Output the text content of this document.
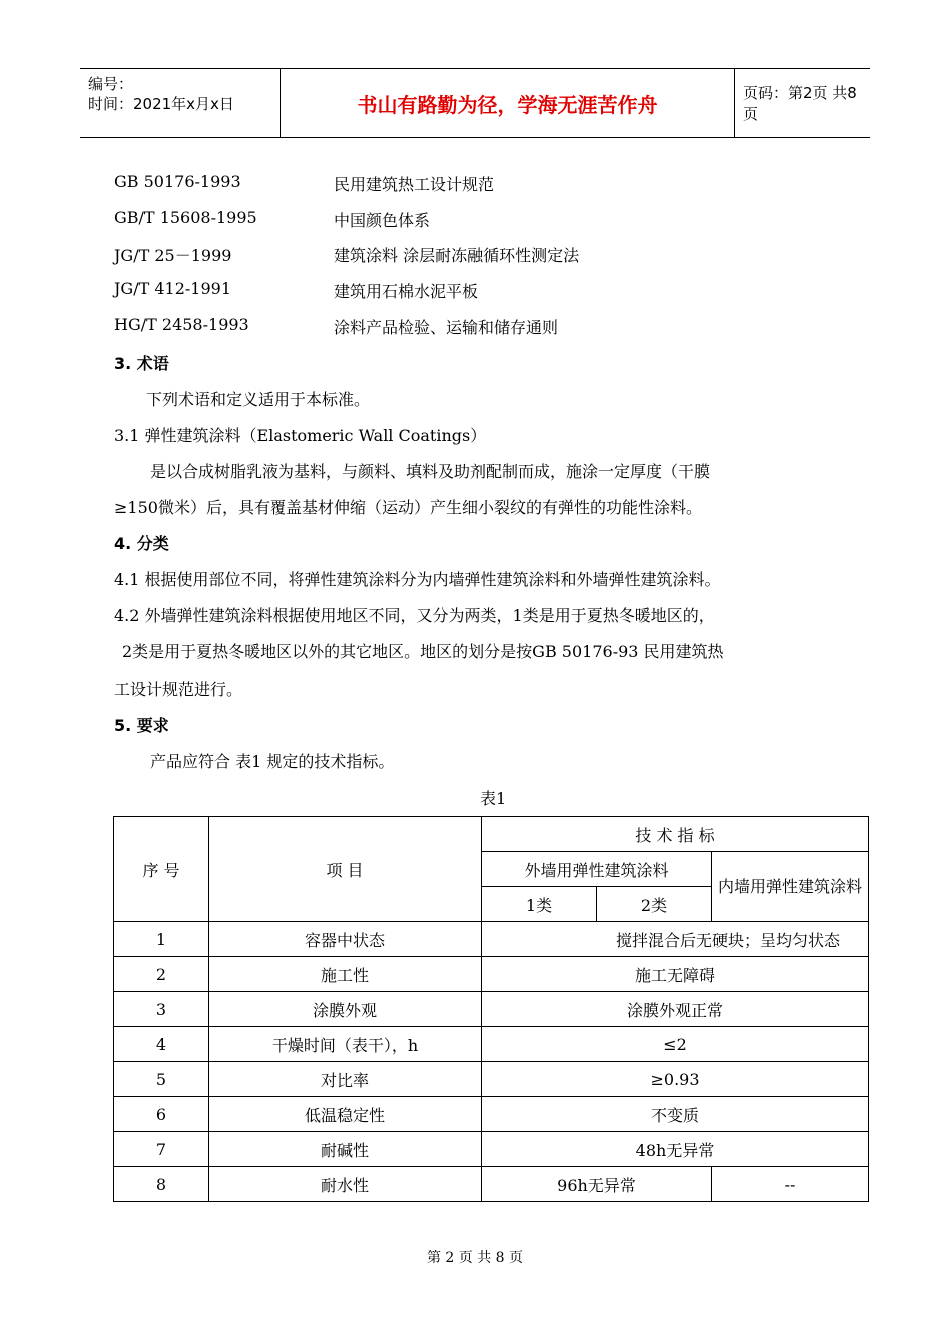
编号：
时间：2021年x月x日	书山有路勤为径，学海无涯苦作舟	页码：第2页 共8页
GB 50176-1993	民用建筑热工设计规范
GB/T 15608-1995	中国颜色体系
JG/T 25－1999	建筑涂料 涂层耐冻融循环性测定法
JG/T 412-1991	建筑用石棉水泥平板
HG/T 2458-1993	涂料产品检验、运输和储存通则
3. 术语
下列术语和定义适用于本标准。
3.1 弹性建筑涂料（Elastomeric Wall Coatings）
是以合成树脂乳液为基料，与颜料、填料及助剂配制而成，施涂一定厚度（干膜
≥150微米）后，具有覆盖基材伸缩（运动）产生细小裂纹的有弹性的功能性涂料。
4. 分类
4.1 根据使用部位不同，将弹性建筑涂料分为内墙弹性建筑涂料和外墙弹性建筑涂料。
4.2 外墙弹性建筑涂料根据使用地区不同，又分为两类，1类是用于夏热冬暖地区的，
2类是用于夏热冬暖地区以外的其它地区。地区的划分是按GB 50176-93 民用建筑热
工设计规范进行。
5. 要求
产品应符合 表1 规定的技术指标。
表1
序 号	项 目	技 术 指 标		
		外墙用弹性建筑涂料		内墙用弹性建筑涂料
		1类	2类	
1	容器中状态	搅拌混合后无硬块；呈均匀状态		
2	施工性	施工无障碍		
3	涂膜外观	涂膜外观正常		
4	干燥时间（表干），h	≤2		
5	对比率	≥0.93		
6	低温稳定性	不变质		
7	耐碱性	48h无异常		
8	耐水性	96h无异常		--
第 2 页 共 8 页
